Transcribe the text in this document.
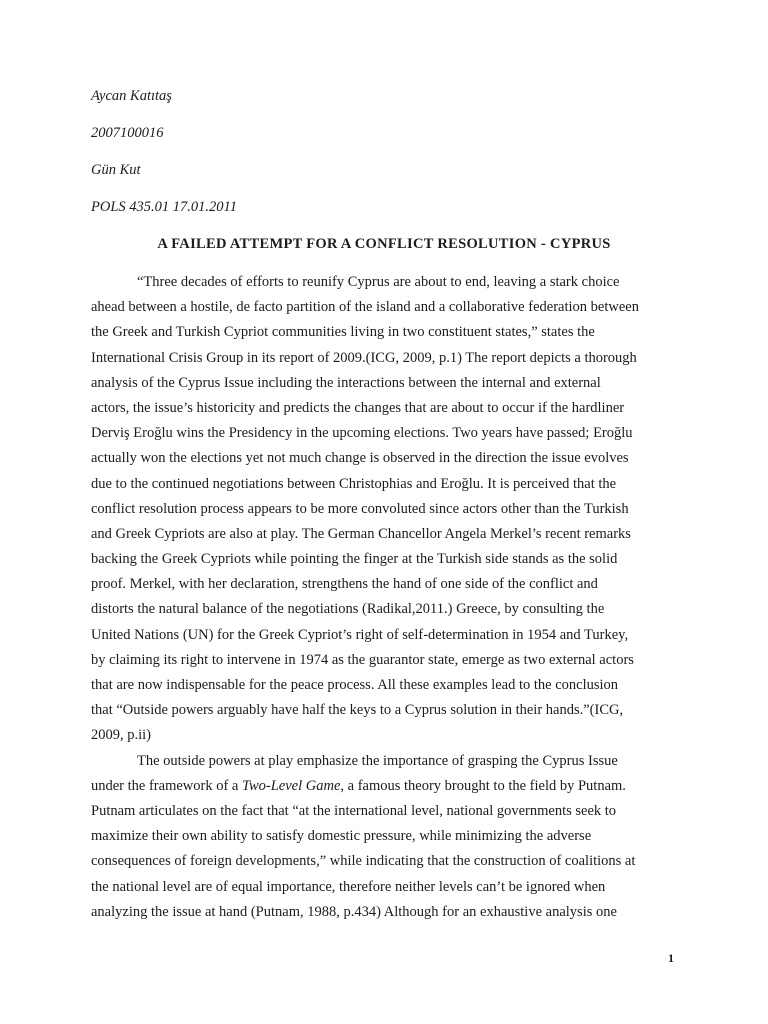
Aycan Katıtaş
2007100016
Gün Kut
POLS 435.01 17.01.2011
A FAILED ATTEMPT FOR A CONFLICT RESOLUTION - CYPRUS
“Three decades of efforts to reunify Cyprus are about to end, leaving a stark choice
ahead between a hostile, de facto partition of the island and a collaborative federation between
the Greek and Turkish Cypriot communities living in two constituent states,” states the
International Crisis Group in its report of 2009.(ICG, 2009, p.1) The report depicts a thorough
analysis of the Cyprus Issue including the interactions between the internal and external
actors, the issue’s historicity and predicts the changes that are about to occur if the hardliner
Derviş Eroğlu wins the Presidency in the upcoming elections. Two years have passed; Eroğlu
actually won the elections yet not much change is observed in the direction the issue evolves
due to the continued negotiations between Christophias and Eroğlu. It is perceived that the
conflict resolution process appears to be more convoluted since actors other than the Turkish
and Greek Cypriots are also at play. The German Chancellor Angela Merkel’s recent remarks
backing the Greek Cypriots while pointing the finger at the Turkish side stands as the solid
proof. Merkel, with her declaration, strengthens the hand of one side of the conflict and
distorts the natural balance of the negotiations (Radikal,2011.) Greece, by consulting the
United Nations (UN) for the Greek Cypriot’s right of self-determination in 1954 and Turkey,
by claiming its right to intervene in 1974 as the guarantor state, emerge as two external actors
that are now indispensable for the peace process. All these examples lead to the conclusion
that “Outside powers arguably have half the keys to a Cyprus solution in their hands.”(ICG,
2009, p.ii)
The outside powers at play emphasize the importance of grasping the Cyprus Issue
under the framework of a Two-Level Game, a famous theory brought to the field by Putnam.
Putnam articulates on the fact that “at the international level, national governments seek to
maximize their own ability to satisfy domestic pressure, while minimizing the adverse
consequences of foreign developments,” while indicating that the construction of coalitions at
the national level are of equal importance, therefore neither levels can’t be ignored when
analyzing the issue at hand (Putnam, 1988, p.434) Although for an exhaustive analysis one
1
